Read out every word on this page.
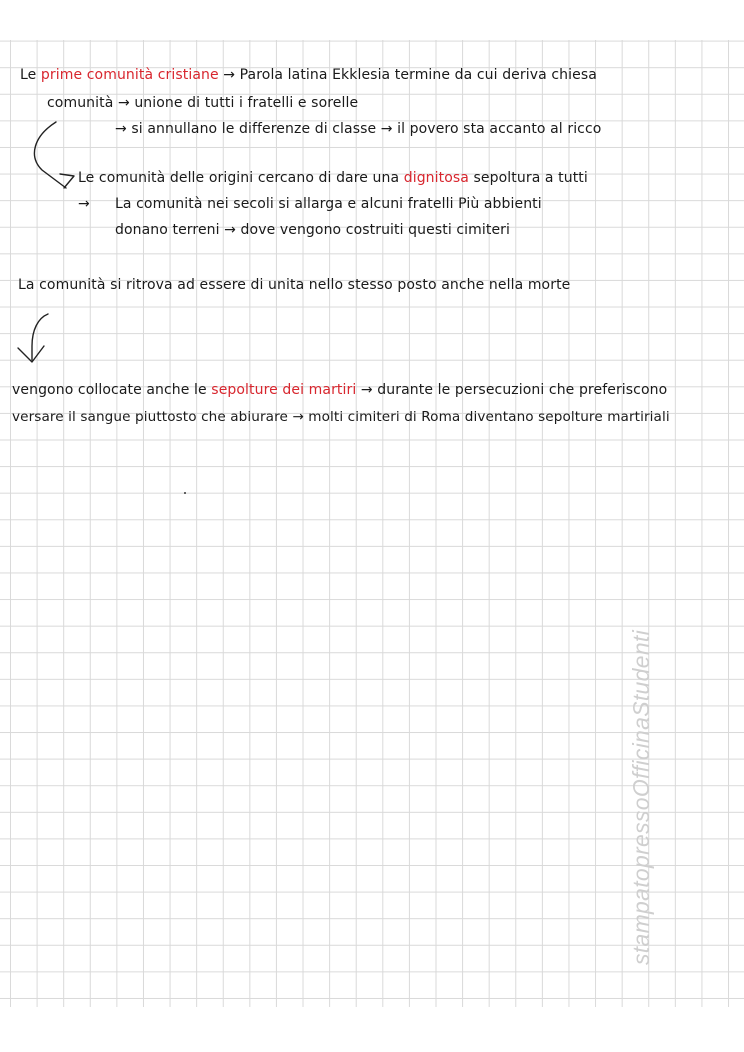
Le prime comunità cristiane → Parola latina Ekklesia termine da cui deriva chiesa
comunità → unione di tutti i fratelli e sorelle
→ si annullano le differenze di classe → il povero sta accanto al ricco
Le comunità delle origini cercano di dare una dignitosa sepoltura a tutti
→ La comunità nei secoli si allarga e alcuni fratelli Più abbienti
donano terreni → dove vengono costruiti questi cimiteri
La comunità si ritrova ad essere di unita nello stesso posto anche nella morte
vengono collocate anche le sepolture dei martiri → durante le persecuzioni che preferiscono
versare il sangue piuttosto che abiurare → molti cimiteri di Roma diventano sepolture martiriali
stampatopressoOfficinaStudenti
